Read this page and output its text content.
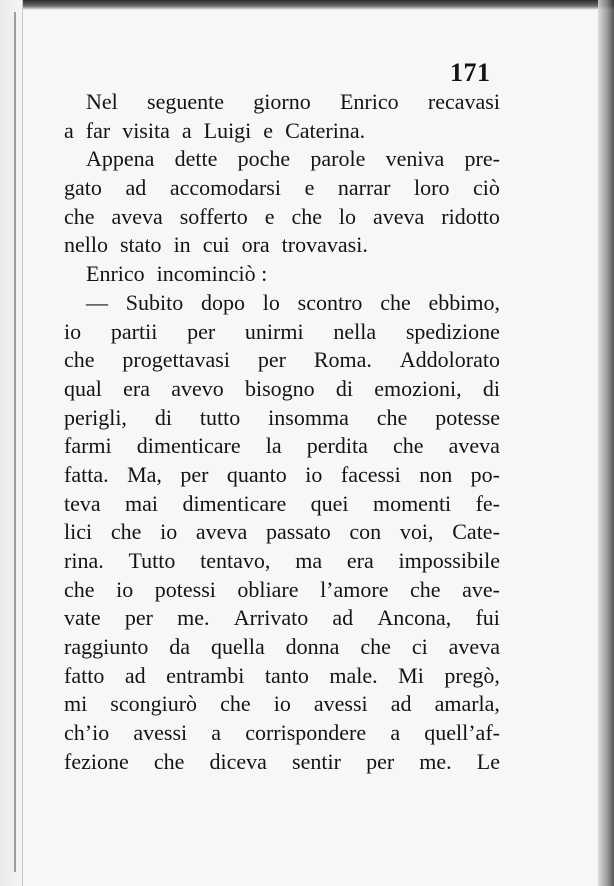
171
Nel seguente giorno Enrico recavasi
a far visita a Luigi e Caterina.
Appena dette poche parole veniva pre-
gato ad accomodarsi e narrar loro ciò
che aveva sofferto e che lo aveva ridotto
nello stato in cui ora trovavasi.
Enrico incominciò :
— Subito dopo lo scontro che ebbimo,
io partii per unirmi nella spedizione
che progettavasi per Roma. Addolorato
qual era avevo bisogno di emozioni, di
perigli, di tutto insomma che potesse
farmi dimenticare la perdita che aveva
fatta. Ma, per quanto io facessi non po-
teva mai dimenticare quei momenti fe-
lici che io aveva passato con voi, Cate-
rina. Tutto tentavo, ma era impossibile
che io potessi obliare l’amore che ave-
vate per me. Arrivato ad Ancona, fui
raggiunto da quella donna che ci aveva
fatto ad entrambi tanto male. Mi pregò,
mi scongiurò che io avessi ad amarla,
ch’io avessi a corrispondere a quell’af-
fezione che diceva sentir per me. Le
